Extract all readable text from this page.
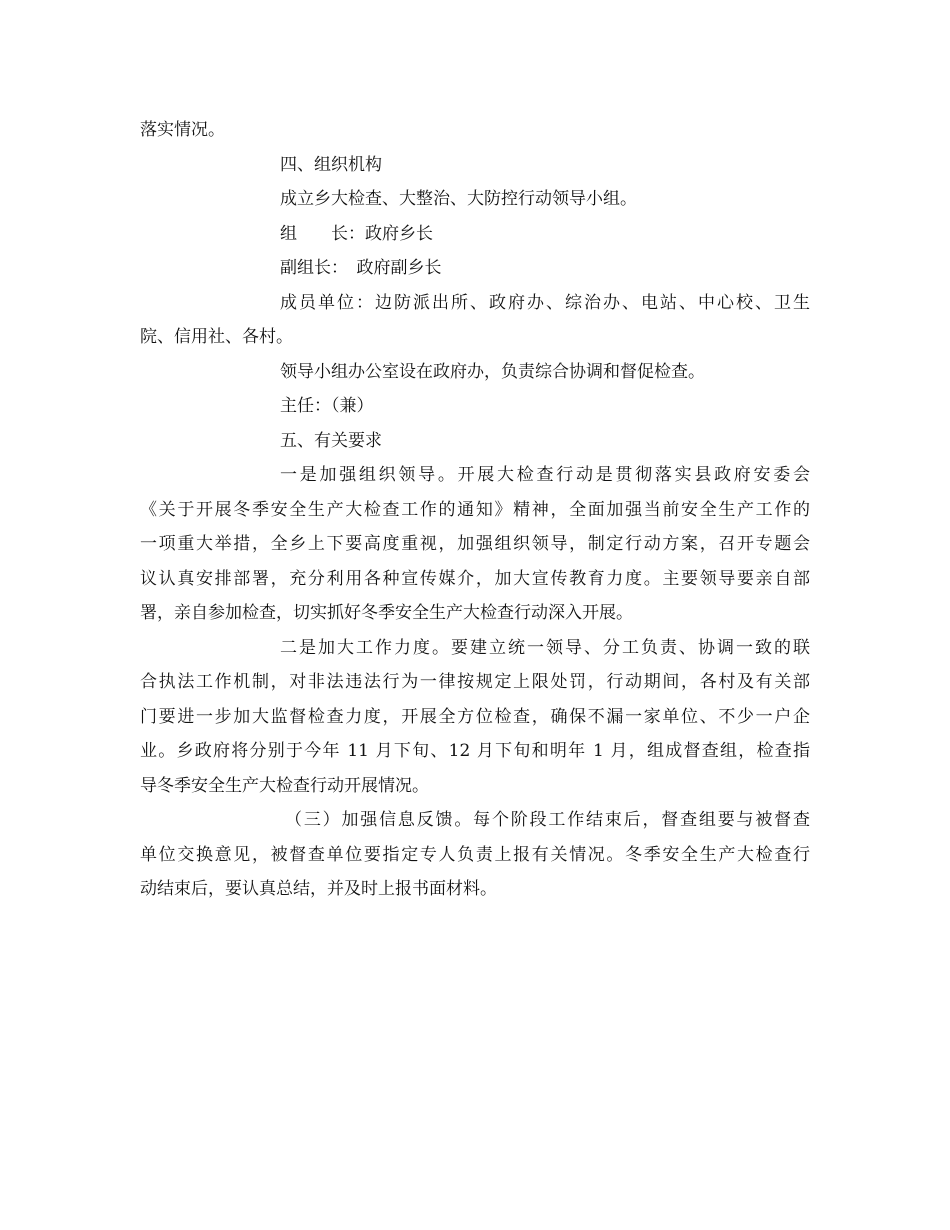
落实情况。
四、组织机构
成立乡大检查、大整治、大防控行动领导小组。
组　　长：政府乡长
副组长：　政府副乡长
成员单位：边防派出所、政府办、综治办、电站、中心校、卫生
院、信用社、各村。
领导小组办公室设在政府办，负责综合协调和督促检查。
主任：（兼）
五、有关要求
一是加强组织领导。开展大检查行动是贯彻落实县政府安委会
《关于开展冬季安全生产大检查工作的通知》精神，全面加强当前安全生产工作的
一项重大举措，全乡上下要高度重视，加强组织领导，制定行动方案，召开专题会
议认真安排部署，充分利用各种宣传媒介，加大宣传教育力度。主要领导要亲自部
署，亲自参加检查，切实抓好冬季安全生产大检查行动深入开展。
二是加大工作力度。要建立统一领导、分工负责、协调一致的联
合执法工作机制，对非法违法行为一律按规定上限处罚，行动期间，各村及有关部
门要进一步加大监督检查力度，开展全方位检查，确保不漏一家单位、不少一户企
业。乡政府将分别于今年 11 月下旬、12 月下旬和明年 1 月，组成督查组，检查指
导冬季安全生产大检查行动开展情况。
（三）加强信息反馈。每个阶段工作结束后，督查组要与被督查
单位交换意见，被督查单位要指定专人负责上报有关情况。冬季安全生产大检查行
动结束后，要认真总结，并及时上报书面材料。
